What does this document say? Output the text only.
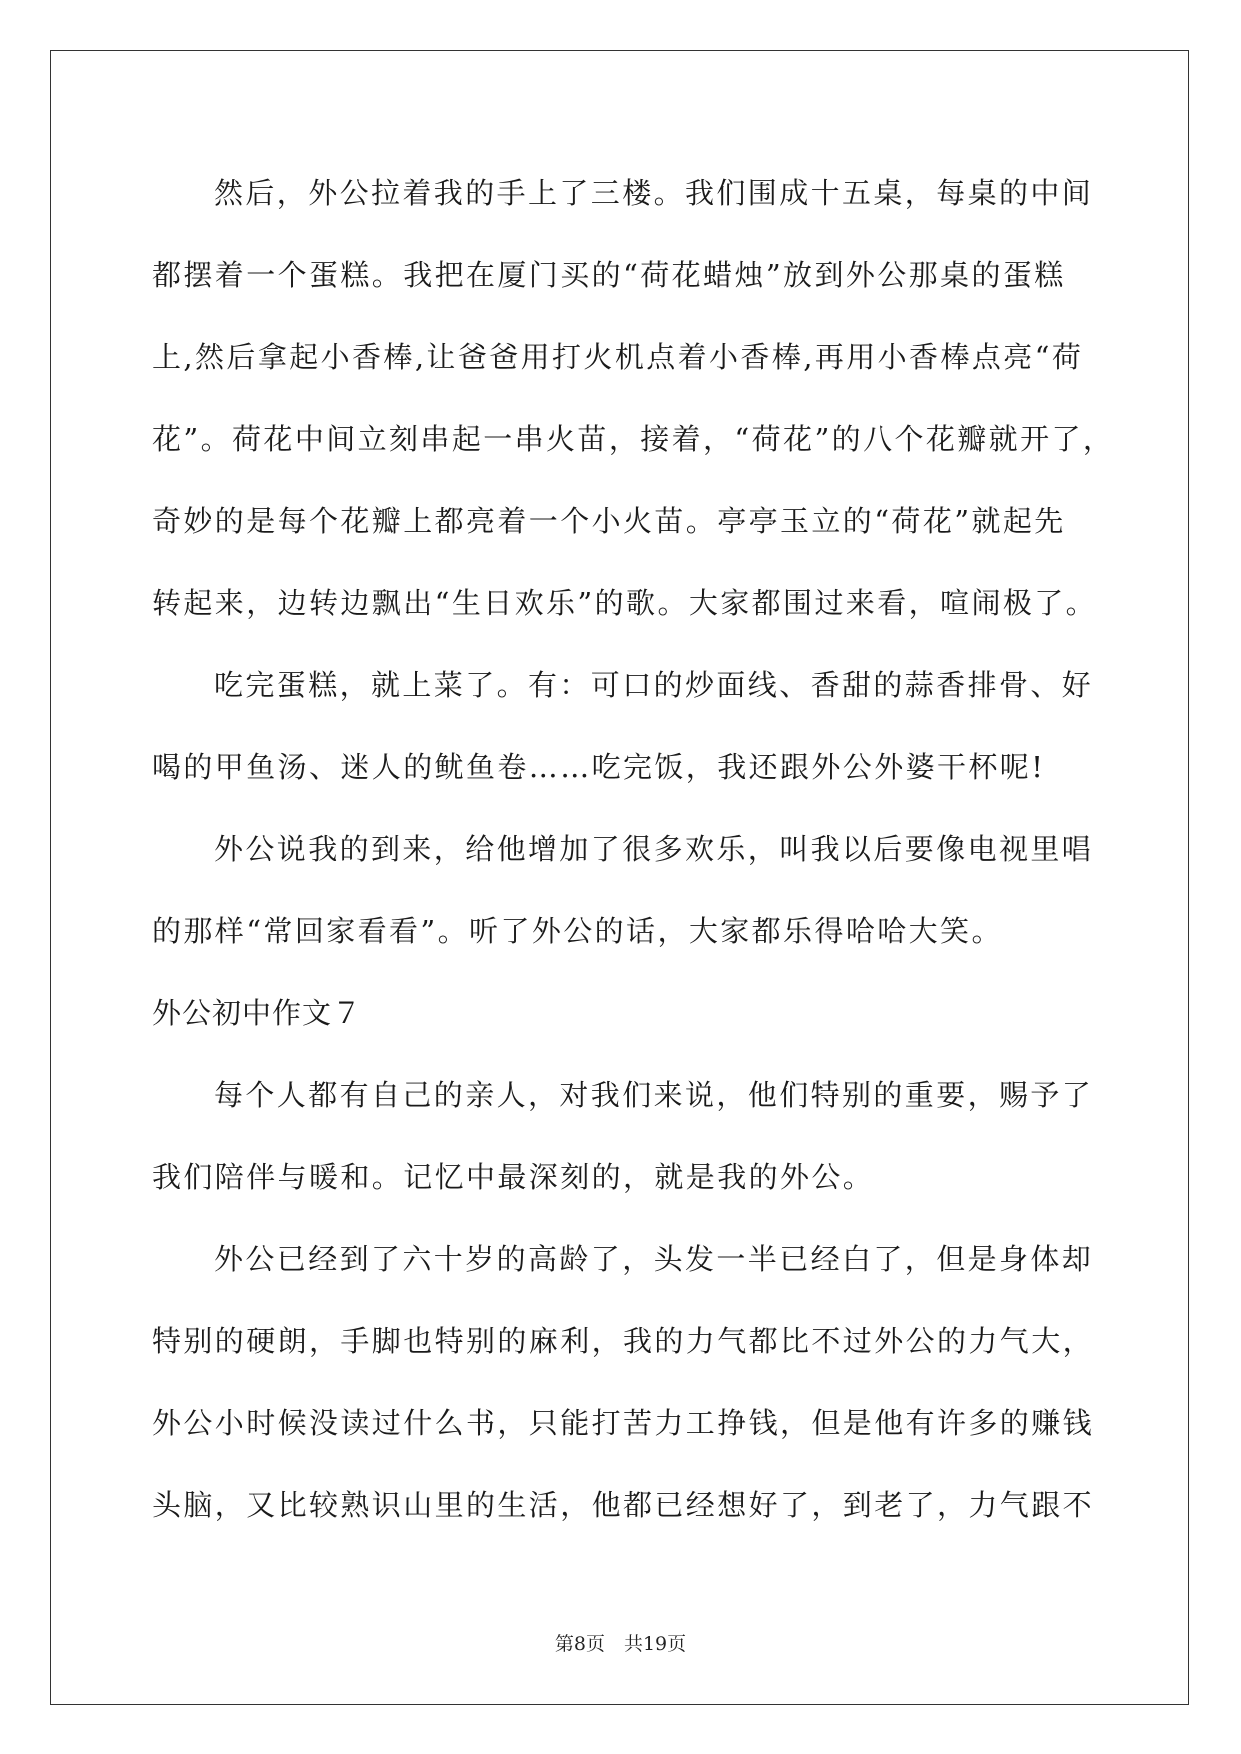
然后，外公拉着我的手上了三楼。我们围成十五桌，每桌的中间
都摆着一个蛋糕。我把在厦门买的“荷花蜡烛”放到外公那桌的蛋糕
上,然后拿起小香棒,让爸爸用打火机点着小香棒,再用小香棒点亮“荷
花”。荷花中间立刻串起一串火苗，接着，“荷花”的八个花瓣就开了，
奇妙的是每个花瓣上都亮着一个小火苗。亭亭玉立的“荷花”就起先
转起来，边转边飘出“生日欢乐”的歌。大家都围过来看，喧闹极了。
吃完蛋糕，就上菜了。有：可口的炒面线、香甜的蒜香排骨、好
喝的甲鱼汤、迷人的鱿鱼卷……吃完饭，我还跟外公外婆干杯呢!
外公说我的到来，给他增加了很多欢乐，叫我以后要像电视里唱
的那样“常回家看看”。听了外公的话，大家都乐得哈哈大笑。
外公初中作文７
每个人都有自己的亲人，对我们来说，他们特别的重要，赐予了
我们陪伴与暖和。记忆中最深刻的，就是我的外公。
外公已经到了六十岁的高龄了，头发一半已经白了，但是身体却
特别的硬朗，手脚也特别的麻利，我的力气都比不过外公的力气大，
外公小时候没读过什么书，只能打苦力工挣钱，但是他有许多的赚钱
头脑，又比较熟识山里的生活，他都已经想好了，到老了，力气跟不
第8页　共19页
